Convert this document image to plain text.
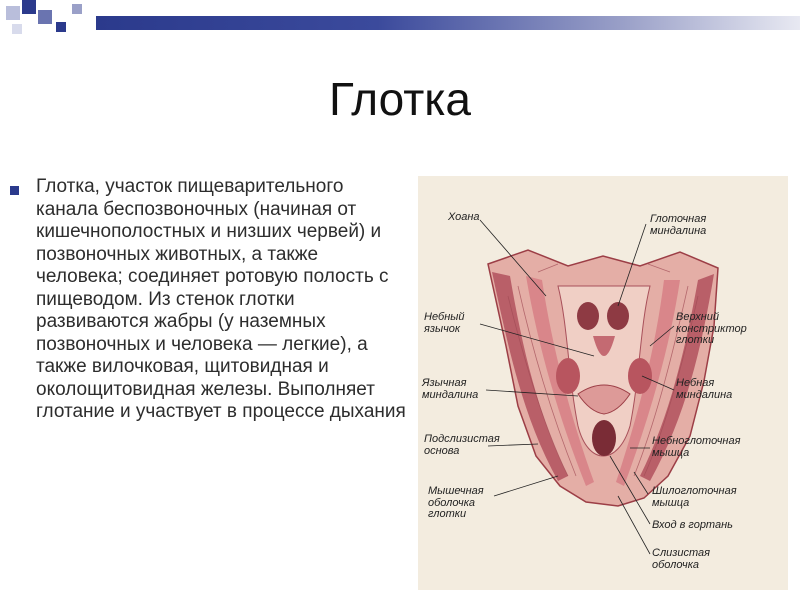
Глотка
Глотка, участок пищеварительного канала беспозвоночных (начиная от кишечнополостных и низших червей) и позвоночных животных, а также человека; соединяет ротовую полость с пищеводом. Из стенок глотки развиваются жабры (у наземных позвоночных и человека — легкие), а также вилочковая, щитовидная и околощитовидная железы. Выполняет глотание и участвует в процессе дыхания
Хоана	Глоточная миндалина
Небный язычок
Верхний констриктор глотки
Язычная миндалина
Небная миндалина
Подслизистая основа
Небноглоточная мышца
Мышечная оболочка глотки
Шилоглоточная мышца
Вход в гортань
Слизистая оболочка
